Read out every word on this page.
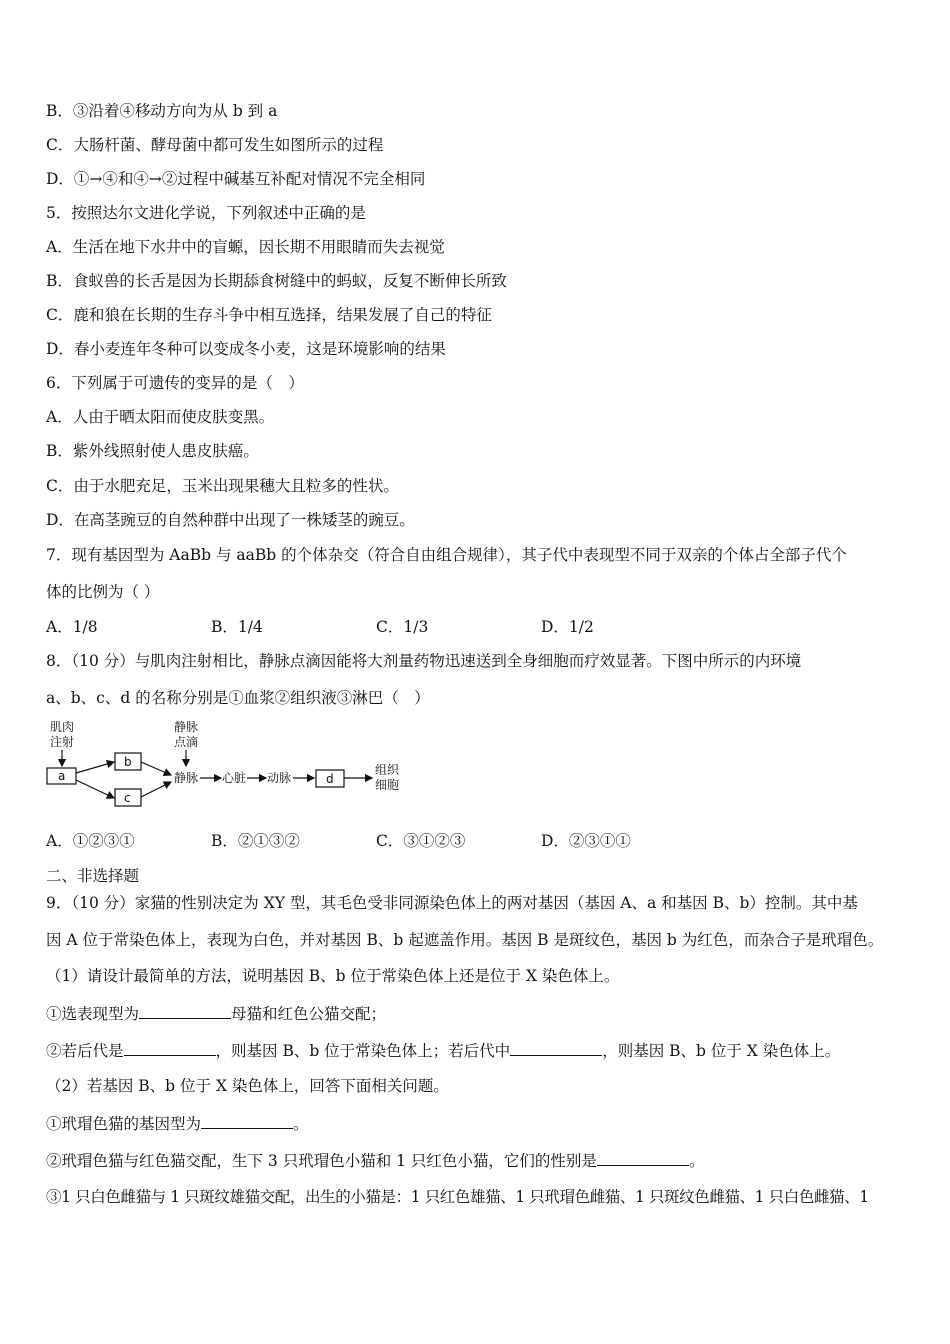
B．③沿着④移动方向为从 b 到 a
C．大肠杆菌、酵母菌中都可发生如图所示的过程
D．①→④和④→②过程中碱基互补配对情况不完全相同
5．按照达尔文进化学说，下列叙述中正确的是
A．生活在地下水井中的盲螈，因长期不用眼睛而失去视觉
B．食蚁兽的长舌是因为长期舔食树缝中的蚂蚁，反复不断伸长所致
C．鹿和狼在长期的生存斗争中相互选择，结果发展了自己的特征
D．春小麦连年冬种可以变成冬小麦，这是环境影响的结果
6．下列属于可遗传的变异的是（　）
A．人由于晒太阳而使皮肤变黑。
B．紫外线照射使人患皮肤癌。
C．由于水肥充足，玉米出现果穗大且粒多的性状。
D．在高茎豌豆的自然种群中出现了一株矮茎的豌豆。
7．现有基因型为 AaBb 与 aaBb 的个体杂交（符合自由组合规律），其子代中表现型不同于双亲的个体占全部子代个
体的比例为（ ）
A．1/8	B．1/4	C．1/3	D．1/2
8．（10 分）与肌肉注射相比，静脉点滴因能将大剂量药物迅速送到全身细胞而疗效显著。下图中所示的内环境
a、b、c、d 的名称分别是①血浆②组织液③淋巴（　）
肌肉
注射
a
b
c
静脉
点滴
静脉 心脏 动脉	d
组织
细胞
A．①②③①	B．②①③②	C．③①②③	D．②③①①
二、非选择题
9．（10 分）家猫的性别决定为 XY 型，其毛色受非同源染色体上的两对基因（基因 A、a 和基因 B、b）控制。其中基
因 A 位于常染色体上，表现为白色，并对基因 B、b 起遮盖作用。基因 B 是斑纹色，基因 b 为红色，而杂合子是玳瑁色。
（1）请设计最简单的方法，说明基因 B、b 位于常染色体上还是位于 X 染色体上。
①选表现型为	母猫和红色公猫交配；
②若后代是	，则基因 B、b 位于常染色体上；若后代中	，则基因 B、b 位于 X 染色体上。
（2）若基因 B、b 位于 X 染色体上，回答下面相关问题。
①玳瑁色猫的基因型为	。
②玳瑁色猫与红色猫交配，生下 3 只玳瑁色小猫和 1 只红色小猫，它们的性别是	。
③1 只白色雌猫与 1 只斑纹雄猫交配，出生的小猫是：1 只红色雄猫、1 只玳瑁色雌猫、1 只斑纹色雌猫、1 只白色雌猫、1
